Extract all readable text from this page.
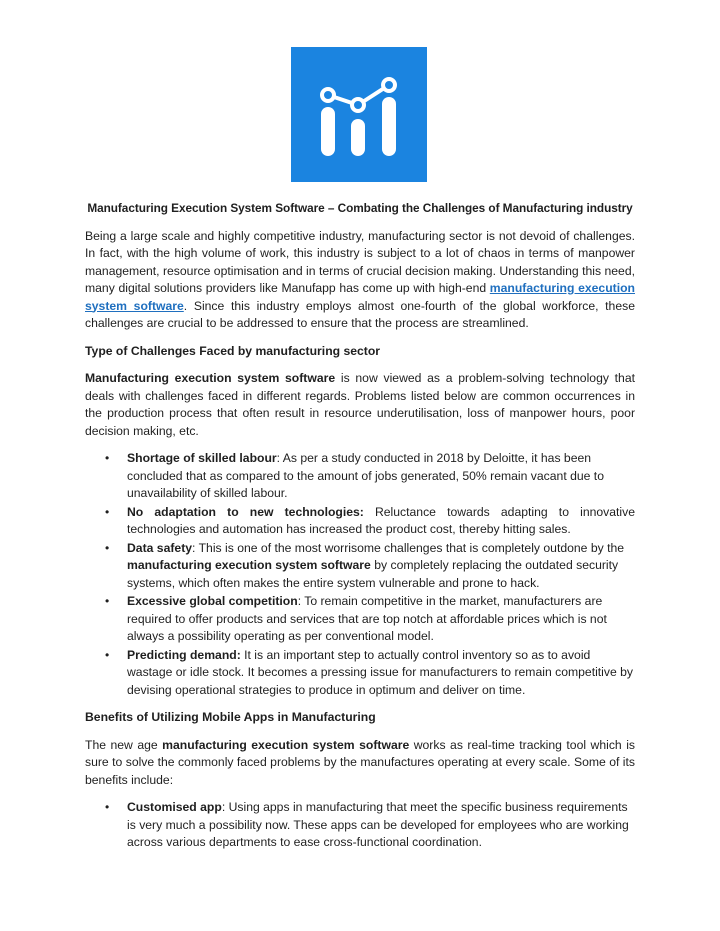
Manufacturing Execution System Software – Combating the Challenges of Manufacturing industry

Being a large scale and highly competitive industry, manufacturing sector is not devoid of challenges. In fact, with the high volume of work, this industry is subject to a lot of chaos in terms of manpower management, resource optimisation and in terms of crucial decision making. Understanding this need, many digital solutions providers like Manufapp has come up with high-end manufacturing execution system software. Since this industry employs almost one-fourth of the global workforce, these challenges are crucial to be addressed to ensure that the process are streamlined.

Type of Challenges Faced by manufacturing sector

Manufacturing execution system software is now viewed as a problem-solving technology that deals with challenges faced in different regards. Problems listed below are common occurrences in the production process that often result in resource underutilisation, loss of manpower hours, poor decision making, etc.

• Shortage of skilled labour: As per a study conducted in 2018 by Deloitte, it has been concluded that as compared to the amount of jobs generated, 50% remain vacant due to unavailability of skilled labour.
• No adaptation to new technologies: Reluctance towards adapting to innovative technologies and automation has increased the product cost, thereby hitting sales.
• Data safety: This is one of the most worrisome challenges that is completely outdone by the manufacturing execution system software by completely replacing the outdated security systems, which often makes the entire system vulnerable and prone to hack.
• Excessive global competition: To remain competitive in the market, manufacturers are required to offer products and services that are top notch at affordable prices which is not always a possibility operating as per conventional model.
• Predicting demand: It is an important step to actually control inventory so as to avoid wastage or idle stock. It becomes a pressing issue for manufacturers to remain competitive by devising operational strategies to produce in optimum and deliver on time.
Benefits of Utilizing Mobile Apps in Manufacturing

The new age manufacturing execution system software works as real-time tracking tool which is sure to solve the commonly faced problems by the manufactures operating at every scale. Some of its benefits include:

• Customised app: Using apps in manufacturing that meet the specific business requirements is very much a possibility now. These apps can be developed for employees who are working across various departments to ease cross-functional coordination.
